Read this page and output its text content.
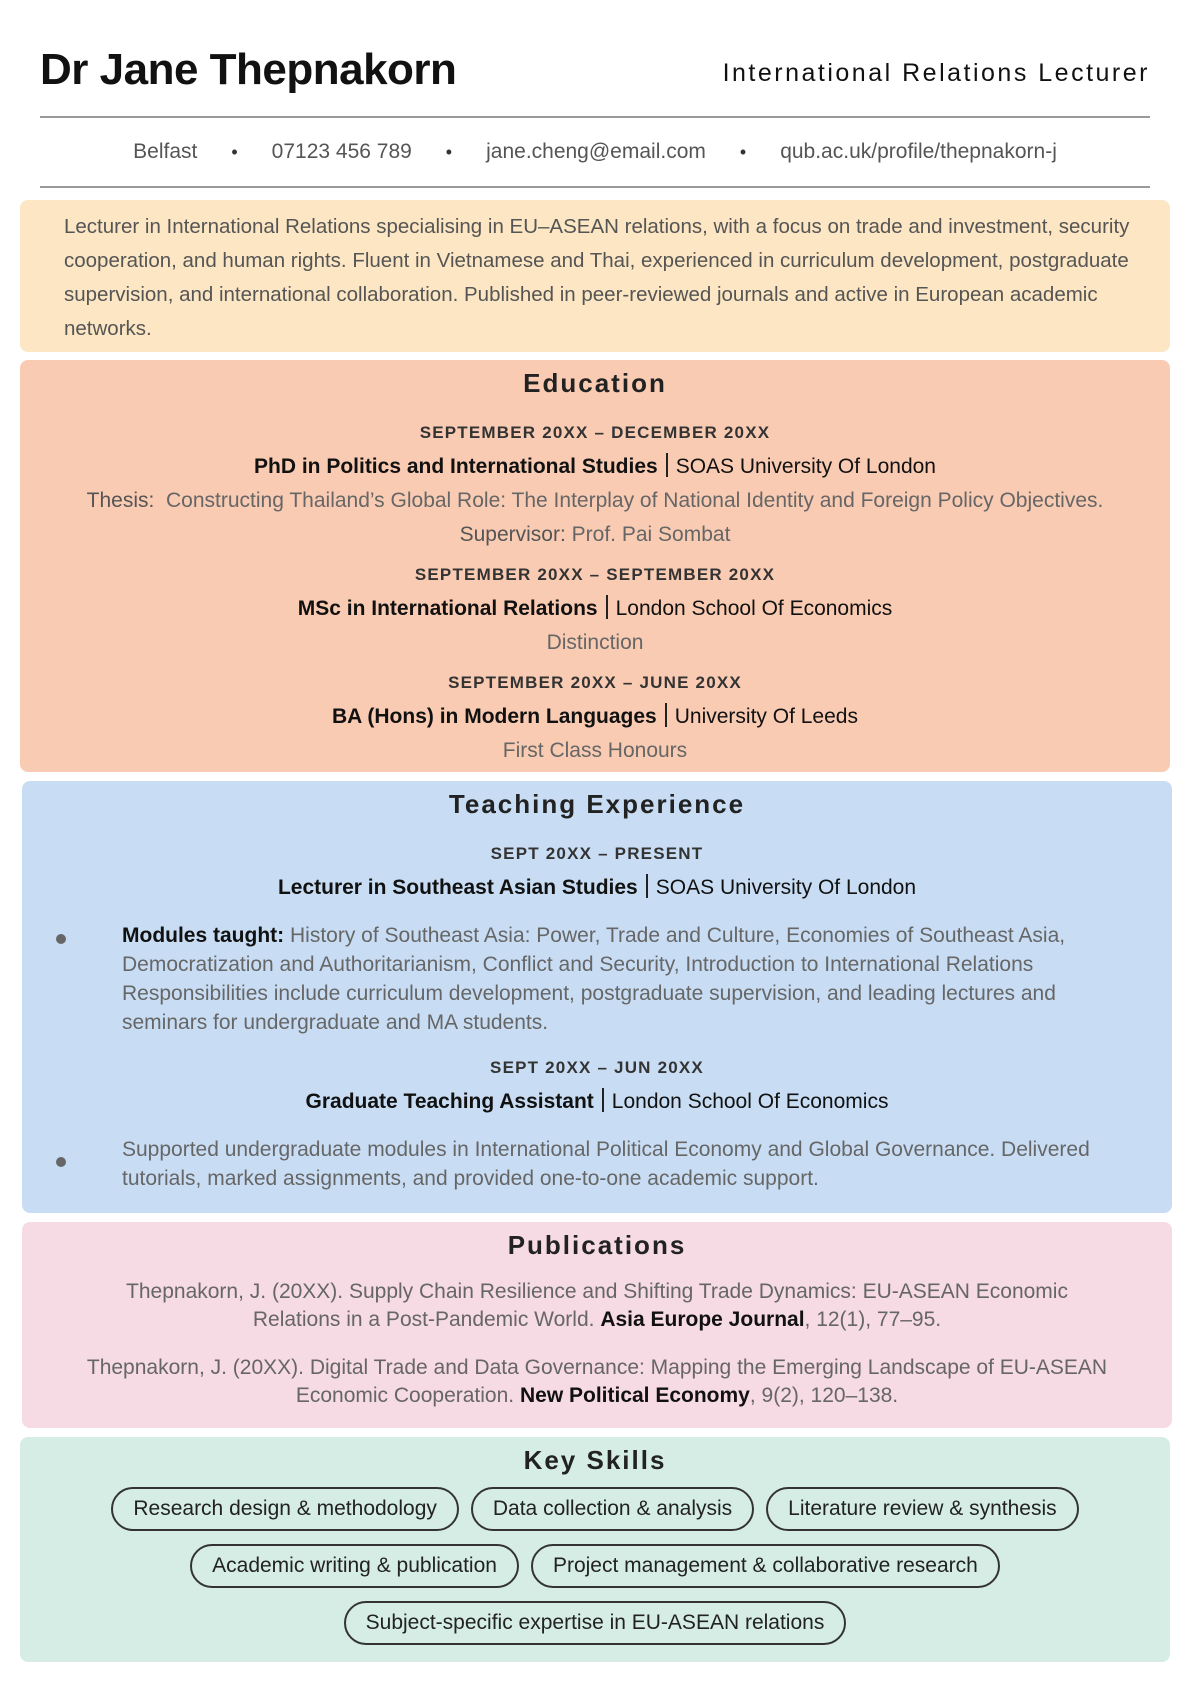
Dr Jane Thepnakorn	International Relations Lecturer
Belfast • 07123 456 789 • jane.cheng@email.com • qub.ac.uk/profile/thepnakorn-j
Lecturer in International Relations specialising in EU–ASEAN relations, with a focus on trade and investment, security cooperation, and human rights. Fluent in Vietnamese and Thai, experienced in curriculum development, postgraduate supervision, and international collaboration. Published in peer-reviewed journals and active in European academic networks.
Education
SEPTEMBER 20XX – DECEMBER 20XX
PhD in Politics and International Studies SOAS University Of London
Thesis: Constructing Thailand’s Global Role: The Interplay of National Identity and Foreign Policy Objectives.
Supervisor: Prof. Pai Sombat
SEPTEMBER 20XX – SEPTEMBER 20XX
MSc in International Relations London School Of Economics
Distinction
SEPTEMBER 20XX – JUNE 20XX
BA (Hons) in Modern Languages University Of Leeds
First Class Honours
Teaching Experience
SEPT 20XX – PRESENT
Lecturer in Southeast Asian Studies SOAS University Of London
Modules taught: History of Southeast Asia: Power, Trade and Culture, Economies of Southeast Asia, Democratization and Authoritarianism, Conflict and Security, Introduction to International Relations Responsibilities include curriculum development, postgraduate supervision, and leading lectures and seminars for undergraduate and MA students.
SEPT 20XX – JUN 20XX
Graduate Teaching Assistant London School Of Economics
Supported undergraduate modules in International Political Economy and Global Governance. Delivered tutorials, marked assignments, and provided one-to-one academic support.
Publications
Thepnakorn, J. (20XX). Supply Chain Resilience and Shifting Trade Dynamics: EU-ASEAN Economic Relations in a Post-Pandemic World. Asia Europe Journal, 12(1), 77–95.
Thepnakorn, J. (20XX). Digital Trade and Data Governance: Mapping the Emerging Landscape of EU-ASEAN Economic Cooperation. New Political Economy, 9(2), 120–138.
Key Skills
Research design & methodology	Data collection & analysis	Literature review & synthesis
Academic writing & publication	Project management & collaborative research
Subject-specific expertise in EU-ASEAN relations
